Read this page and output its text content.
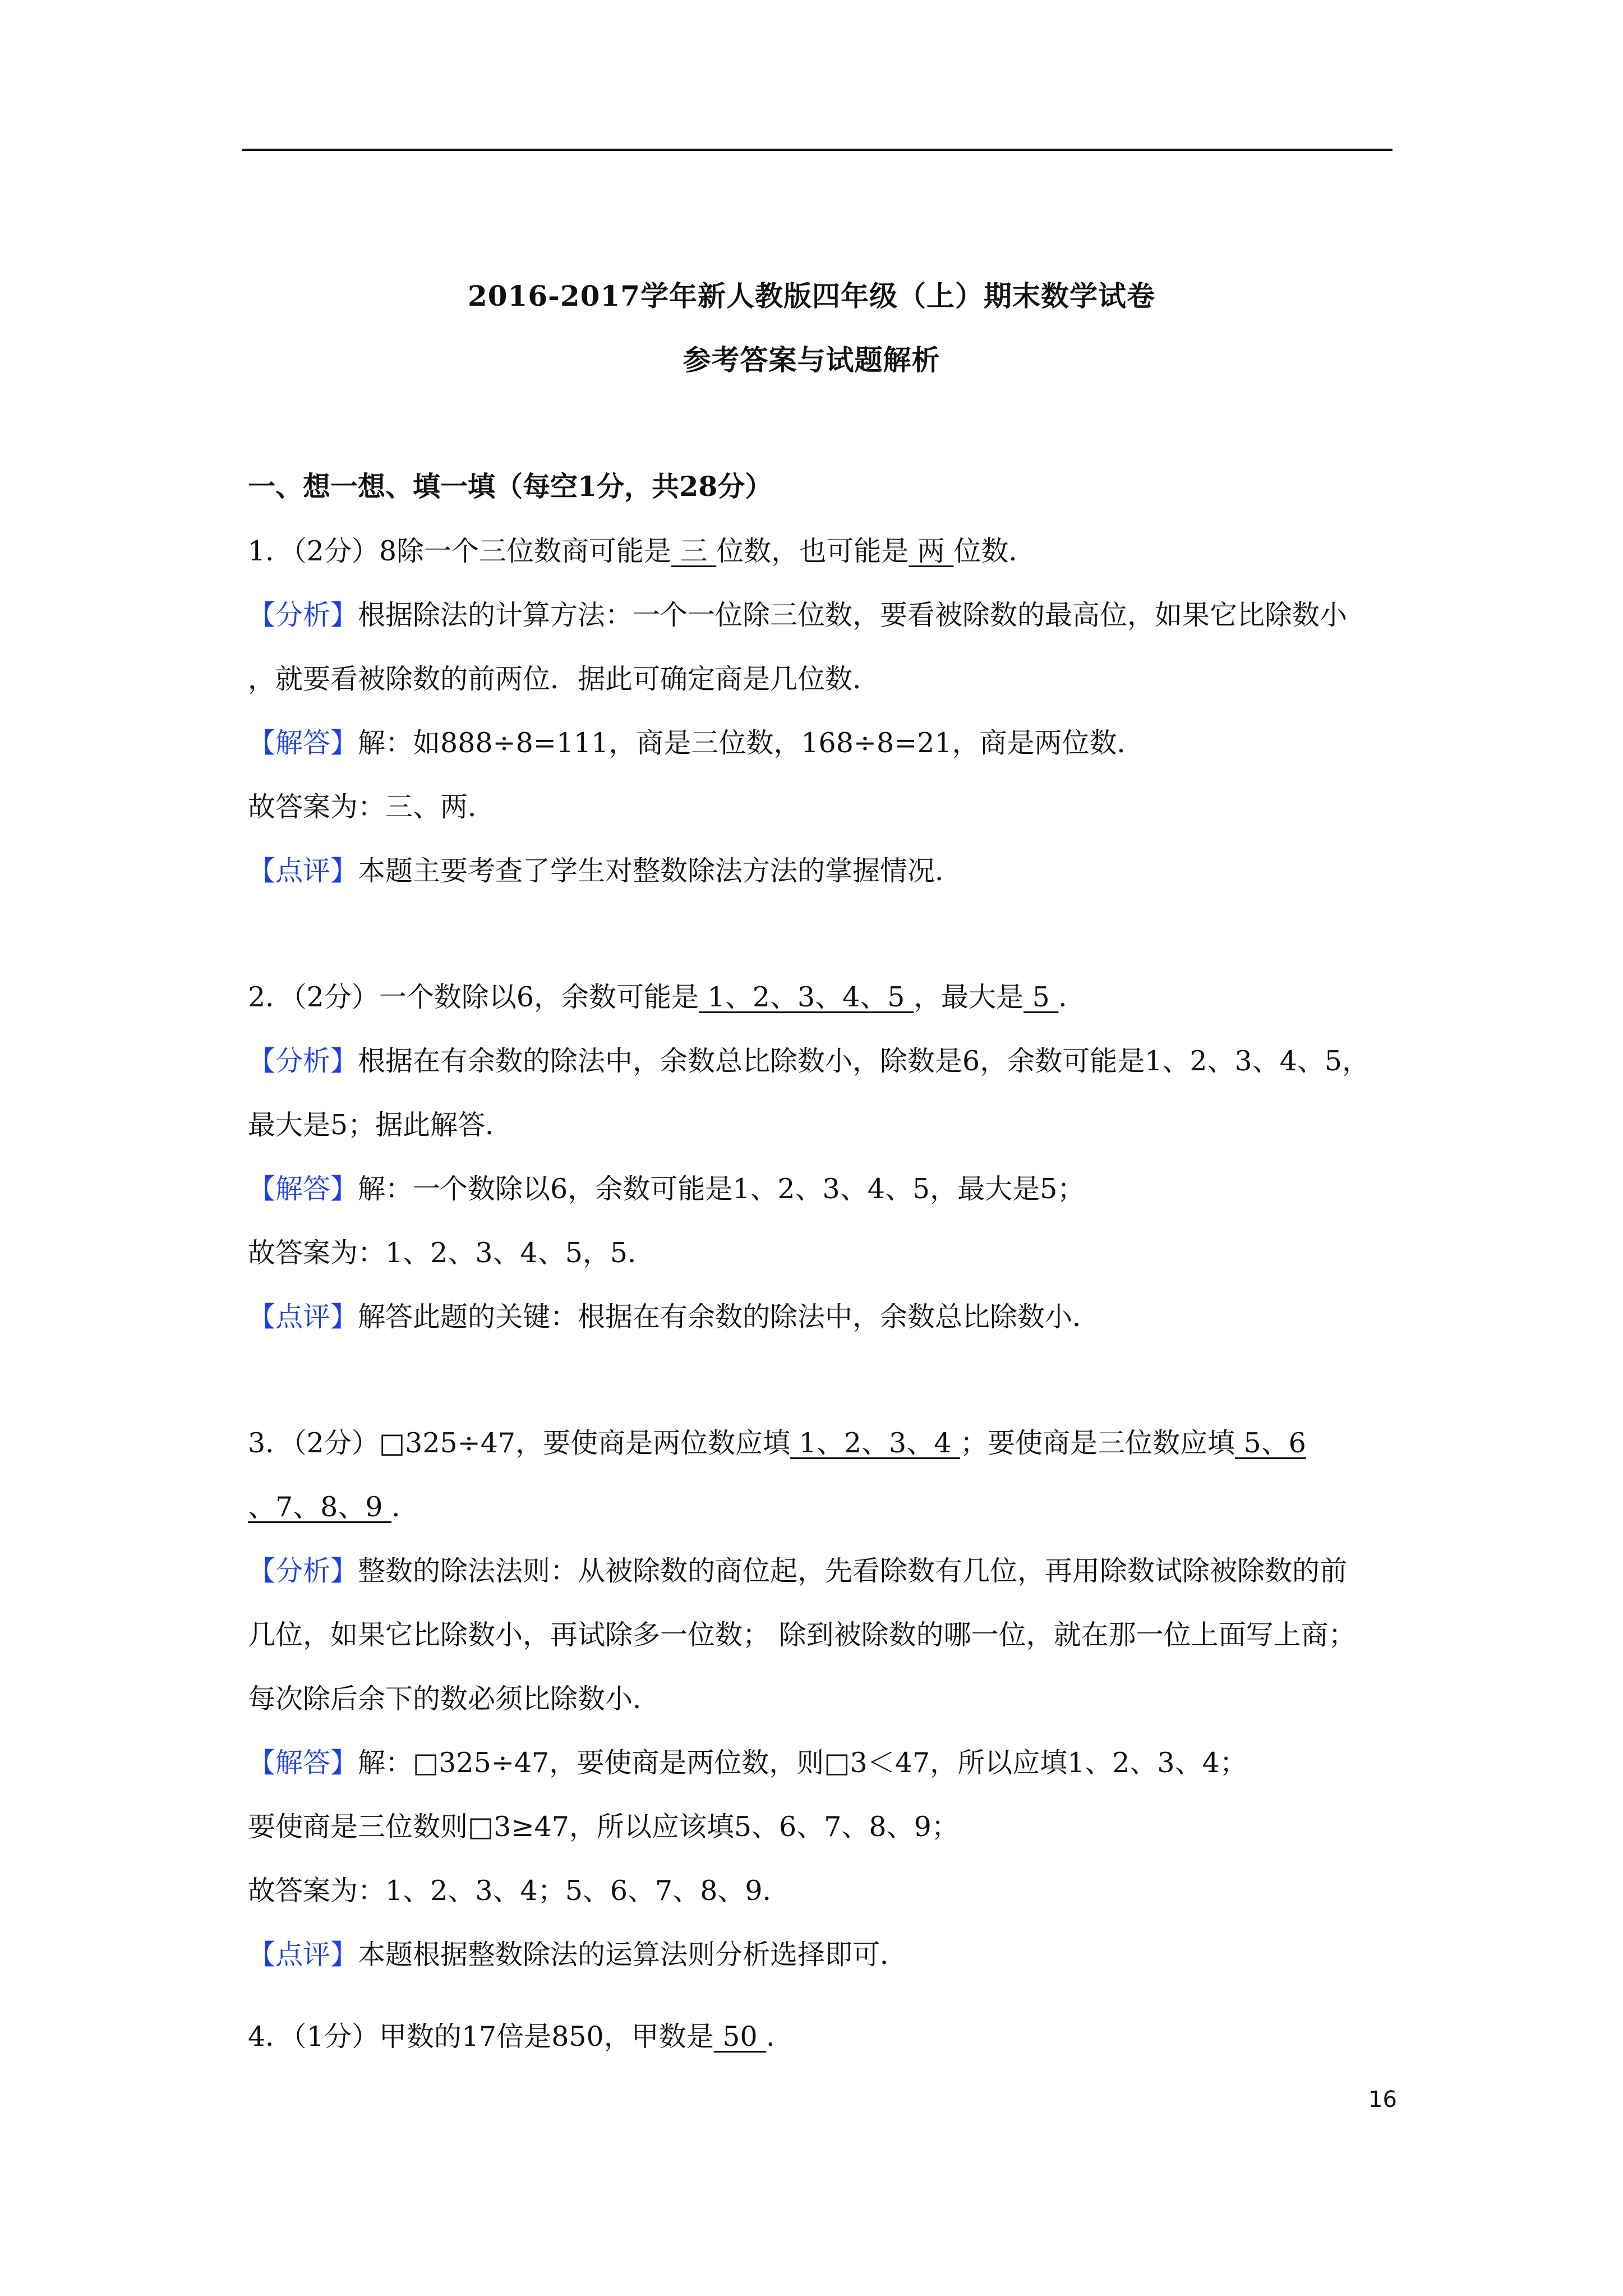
2016-2017学年新人教版四年级（上）期末数学试卷
参考答案与试题解析
一、想一想、填一填（每空1分，共28分）
1．（2分）8除一个三位数商可能是 三 位数，也可能是 两 位数．
【分析】根据除法的计算方法：一个一位除三位数，要看被除数的最高位，如果它比除数小
，就要看被除数的前两位．据此可确定商是几位数．
【解答】解：如888÷8=111，商是三位数，168÷8=21，商是两位数．
故答案为：三、两．
【点评】本题主要考查了学生对整数除法方法的掌握情况．
2．（2分）一个数除以6，余数可能是 1、2、3、4、5 ，最大是 5 ．
【分析】根据在有余数的除法中，余数总比除数小，除数是6，余数可能是1、2、3、4、5，
最大是5；据此解答．
【解答】解：一个数除以6，余数可能是1、2、3、4、5，最大是5；
故答案为：1、2、3、4、5，5．
【点评】解答此题的关键：根据在有余数的除法中，余数总比除数小．
3．（2分）□325÷47，要使商是两位数应填 1、2、3、4 ；要使商是三位数应填 5、6
、7、8、9 ．
【分析】整数的除法法则：从被除数的商位起，先看除数有几位，再用除数试除被除数的前
几位，如果它比除数小，再试除多一位数； 除到被除数的哪一位，就在那一位上面写上商；
每次除后余下的数必须比除数小．
【解答】解：□325÷47，要使商是两位数，则□3＜47，所以应填1、2、3、4；
要使商是三位数则□3≥47，所以应该填5、6、7、8、9；
故答案为：1、2、3、4；5、6、7、8、9．
【点评】本题根据整数除法的运算法则分析选择即可．
4．（1分）甲数的17倍是850，甲数是 50 ．
16
